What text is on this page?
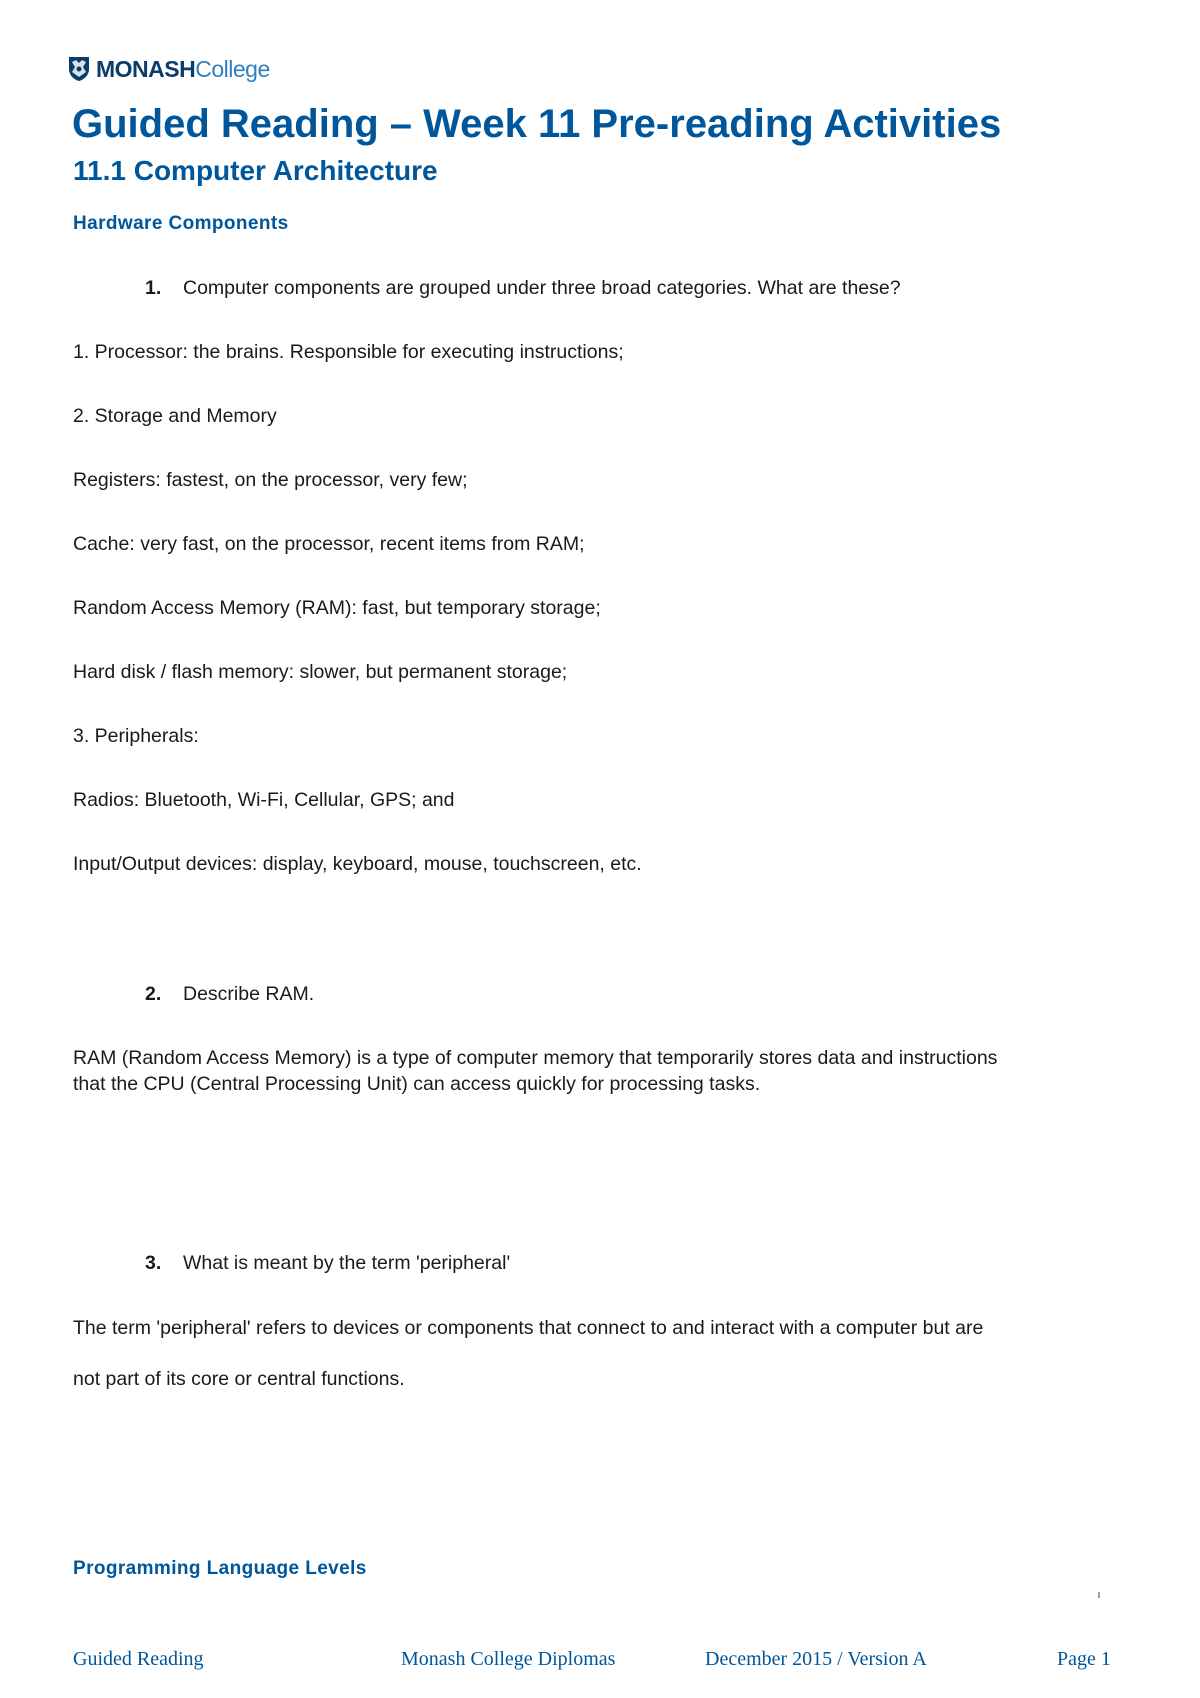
MONASHCollege
Guided Reading – Week 11 Pre-reading Activities
11.1 Computer Architecture
Hardware Components
1. Computer components are grouped under three broad categories. What are these?
1. Processor: the brains. Responsible for executing instructions;
2. Storage and Memory
Registers: fastest, on the processor, very few;
Cache: very fast, on the processor, recent items from RAM;
Random Access Memory (RAM): fast, but temporary storage;
Hard disk / flash memory: slower, but permanent storage;
3. Peripherals:
Radios: Bluetooth, Wi-Fi, Cellular, GPS; and
Input/Output devices: display, keyboard, mouse, touchscreen, etc.
2. Describe RAM.
RAM (Random Access Memory) is a type of computer memory that temporarily stores data and instructions
that the CPU (Central Processing Unit) can access quickly for processing tasks.
3. What is meant by the term 'peripheral'
The term 'peripheral' refers to devices or components that connect to and interact with a computer but are
not part of its core or central functions.
Programming Language Levels
Guided Reading	Monash College Diplomas	December 2015 / Version A	Page 1
